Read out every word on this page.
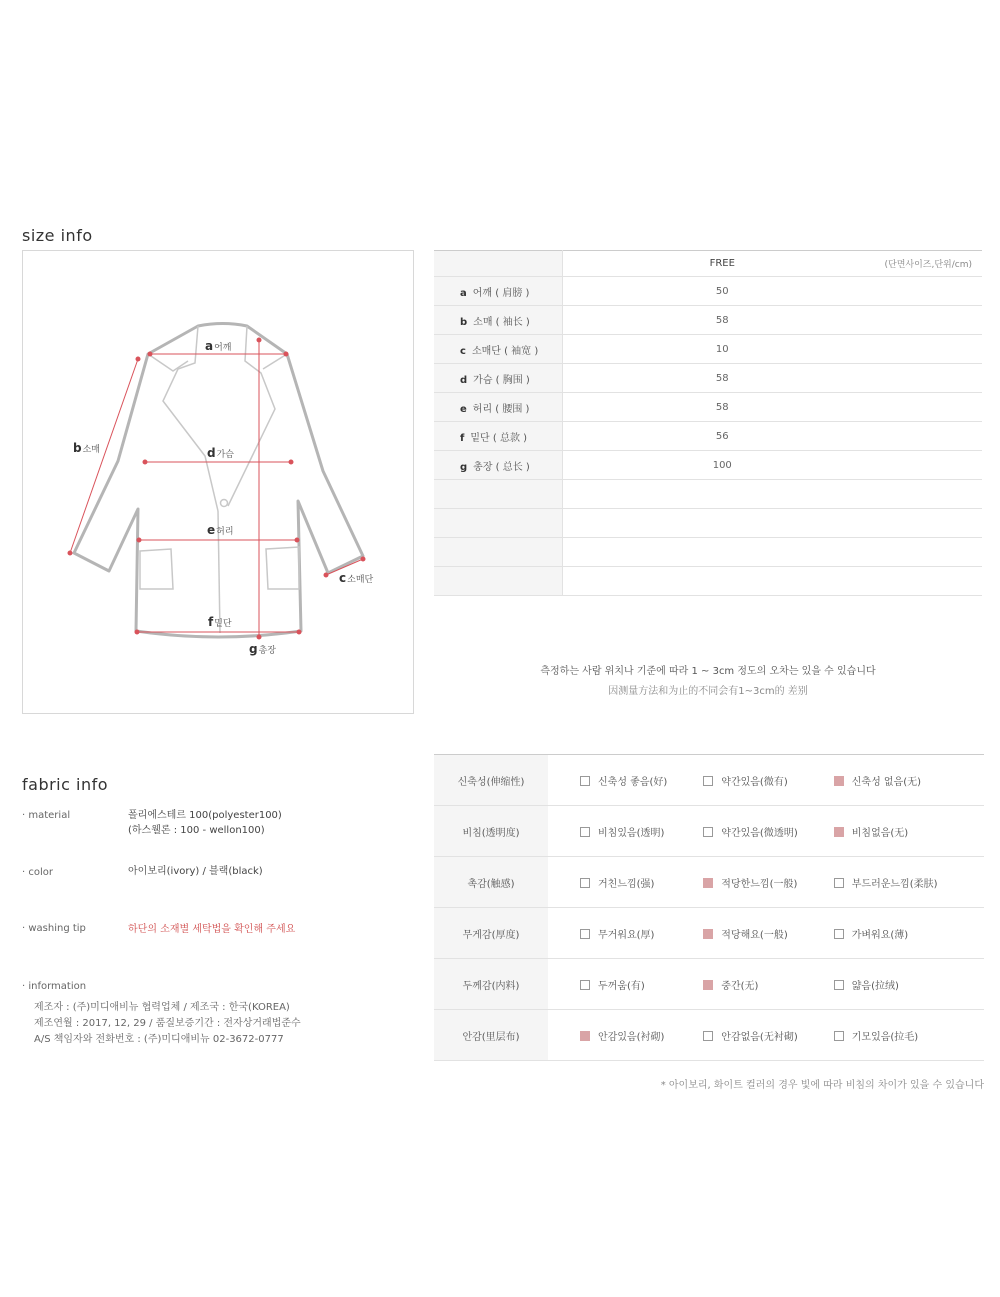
size info
a어깨
b소매
c소매단
d가슴
e허리
f밑단
g총장
	FREE (단면사이즈,단위/cm)

a 어깨 ( 肩膀 )	50
b 소매 ( 袖长 )	58
c 소매단 ( 袖宽 )	10
d 가슴 ( 胸围 )	58
e 허리 ( 腰围 )	58
f 밑단 ( 总款 )	56
g 총장 ( 总长 )	100

측정하는 사람 위치나 기준에 따라 1 ~ 3cm 정도의 오차는 있을 수 있습니다
因测量方法和为止的不同会有1~3cm的 差别
fabric info
· material	폴리에스테르 100(polyester100)
(하스웰론 : 100 - wellon100)
· color	아이보리(ivory) / 블랙(black)
· washing tip	하단의 소재별 세탁법을 확인해 주세요
· information
제조자 : (주)미디애비뉴 협력업체 / 제조국 : 한국(KOREA)
제조연월 : 2017, 12, 29 / 품질보증기간 : 전자상거래법준수
A/S 책임자와 전화번호 : (주)미디애비뉴 02-3672-0777
신축성(伸缩性)	신축성 좋음(好)	약간있음(微有)	신축성 없음(无)
비침(透明度)	비침있음(透明)	약간있음(微透明)	비침없음(无)
촉감(触感)	거친느낌(强)	적당한느낌(一般)	부드러운느낌(柔肤)
무게감(厚度)	무거워요(厚)	적당해요(一般)	가벼워요(薄)
두께감(内料)	두꺼움(有)	중간(无)	얇음(拉绒)
안감(里层布)	안감있음(衬砌)	안감없음(无衬砌)	기모있음(拉毛)
* 아이보리, 화이트 컬러의 경우 빛에 따라 비침의 차이가 있을 수 있습니다
